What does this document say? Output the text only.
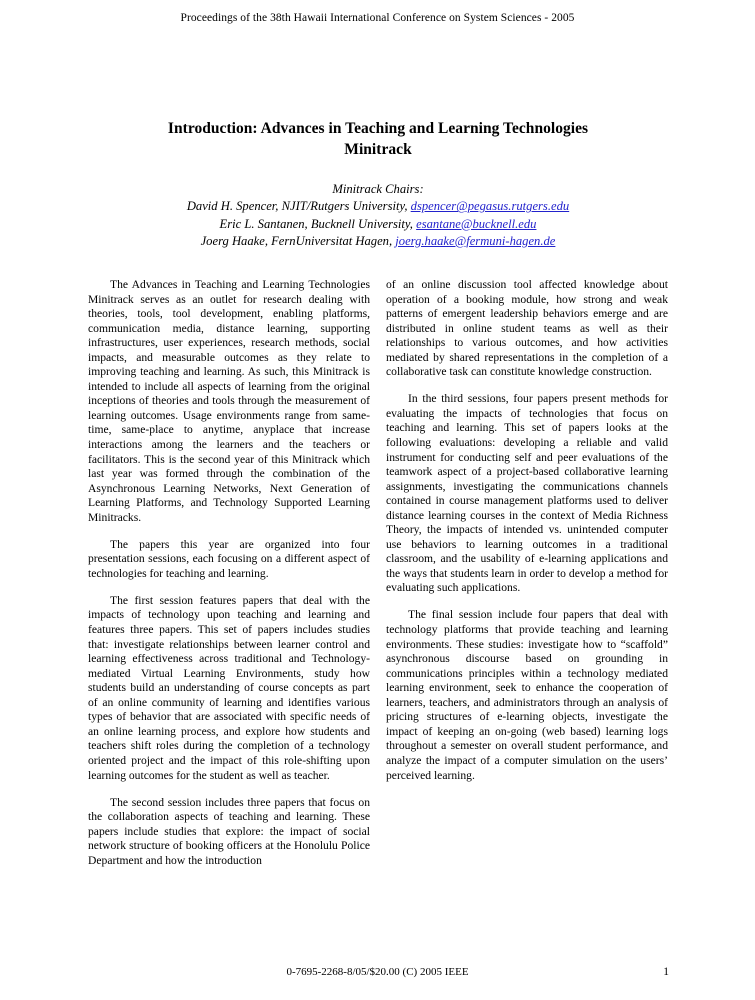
Proceedings of the 38th Hawaii International Conference on System Sciences - 2005
Introduction: Advances in Teaching and Learning Technologies
Minitrack
Minitrack Chairs:
David H. Spencer, NJIT/Rutgers University, dspencer@pegasus.rutgers.edu
Eric L. Santanen, Bucknell University, esantane@bucknell.edu
Joerg Haake, FernUniversitat Hagen, joerg.haake@fermuni-hagen.de

The Advances in Teaching and Learning Technologies Minitrack serves as an outlet for research dealing with theories, tools, tool development, enabling platforms, communication media, distance learning, supporting infrastructures, user experiences, research methods, social impacts, and measurable outcomes as they relate to improving teaching and learning. As such, this Minitrack is intended to include all aspects of learning from the original inceptions of theories and tools through the measurement of learning outcomes. Usage environments range from same-time, same-place to anytime, anyplace that increase interactions among the learners and the teachers or facilitators. This is the second year of this Minitrack which last year was formed through the combination of the Asynchronous Learning Networks, Next Generation of Learning Platforms, and Technology Supported Learning Minitracks.

The papers this year are organized into four presentation sessions, each focusing on a different aspect of technologies for teaching and learning.

The first session features papers that deal with the impacts of technology upon teaching and learning and features three papers. This set of papers includes studies that: investigate relationships between learner control and learning effectiveness across traditional and Technology-mediated Virtual Learning Environments, study how students build an understanding of course concepts as part of an online community of learning and identifies various types of behavior that are associated with specific needs of an online learning process, and explore how students and teachers shift roles during the completion of a technology oriented project and the impact of this role-shifting upon learning outcomes for the student as well as teacher.

The second session includes three papers that focus on the collaboration aspects of teaching and learning. These papers include studies that explore: the impact of social network structure of booking officers at the Honolulu Police Department and how the introduction

of an online discussion tool affected knowledge about operation of a booking module, how strong and weak patterns of emergent leadership behaviors emerge and are distributed in online student teams as well as their relationships to various outcomes, and how activities mediated by shared representations in the completion of a collaborative task can constitute knowledge construction.

In the third sessions, four papers present methods for evaluating the impacts of technologies that focus on teaching and learning. This set of papers looks at the following evaluations: developing a reliable and valid instrument for conducting self and peer evaluations of the teamwork aspect of a project-based collaborative learning assignments, investigating the communications channels contained in course management platforms used to deliver distance learning courses in the context of Media Richness Theory, the impacts of intended vs. unintended computer use behaviors to learning outcomes in a traditional classroom, and the usability of e-learning applications and the ways that students learn in order to develop a method for evaluating such applications.

The final session include four papers that deal with technology platforms that provide teaching and learning environments. These studies: investigate how to “scaffold” asynchronous discourse based on grounding in communications principles within a technology mediated learning environment, seek to enhance the cooperation of learners, teachers, and administrators through an analysis of pricing structures of e-learning objects, investigate the impact of keeping an on-going (web based) learning logs throughout a semester on overall student performance, and analyze the impact of a computer simulation on the users’ perceived learning.

0-7695-2268-8/05/$20.00 (C) 2005 IEEE	1
